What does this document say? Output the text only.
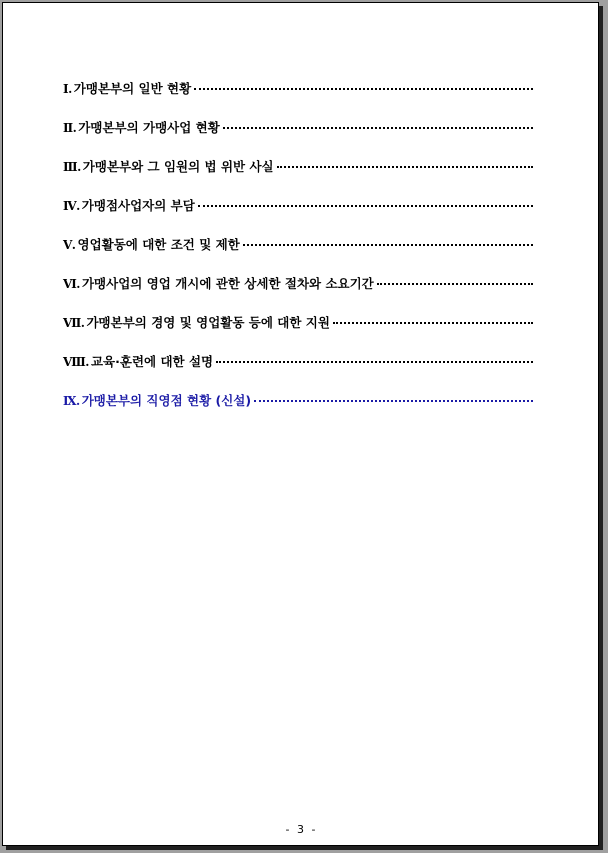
Ⅰ. 가맹본부의 일반 현황
Ⅱ. 가맹본부의 가맹사업 현황
Ⅲ. 가맹본부와 그 임원의 법 위반 사실
Ⅳ. 가맹점사업자의 부담
Ⅴ. 영업활동에 대한 조건 및 제한
Ⅵ. 가맹사업의 영업 개시에 관한 상세한 절차와 소요기간
Ⅶ. 가맹본부의 경영 및 영업활동 등에 대한 지원
Ⅷ. 교육·훈련에 대한 설명
Ⅸ. 가맹본부의 직영점 현황 (신설)
- 3 -
